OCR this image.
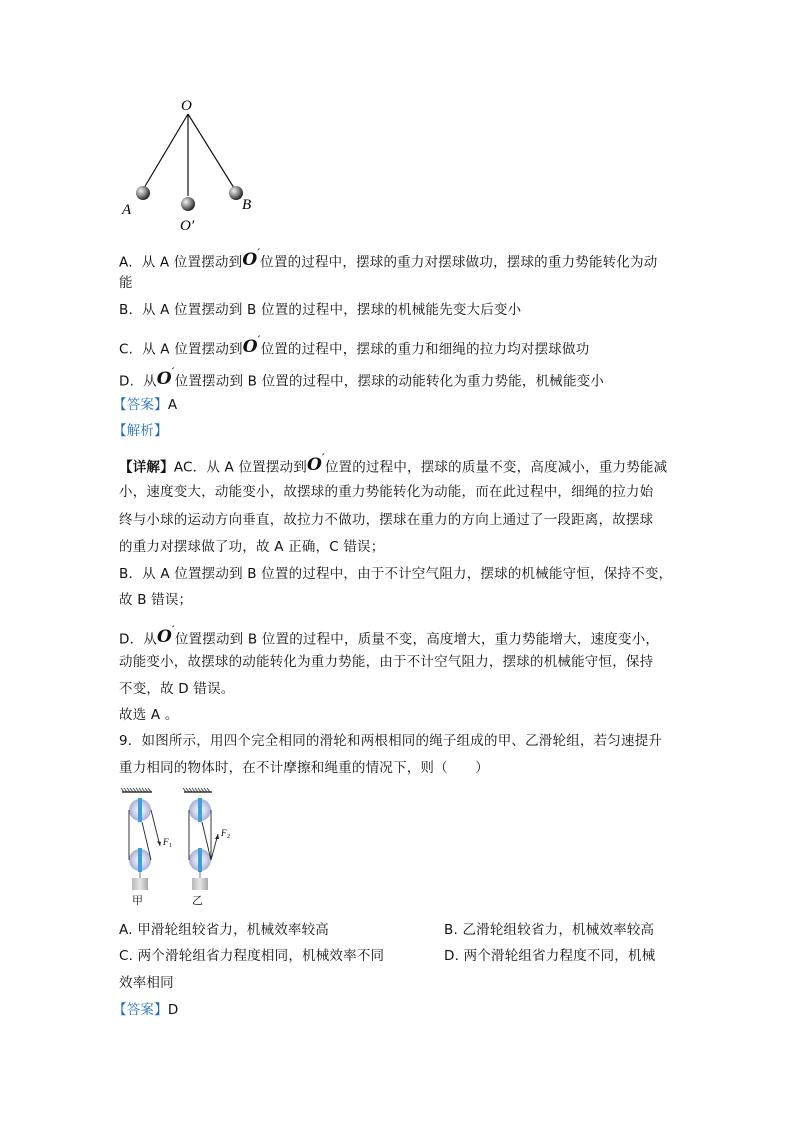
O
A
O′
B
A. 从 A 位置摆动到O′位置的过程中，摆球的重力对摆球做功，摆球的重力势能转化为动
能
B. 从 A 位置摆动到 B 位置的过程中，摆球的机械能先变大后变小
C. 从 A 位置摆动到O′位置的过程中，摆球的重力和细绳的拉力均对摆球做功
D. 从O′位置摆动到 B 位置的过程中，摆球的动能转化为重力势能，机械能变小
【答案】A
【解析】
【详解】AC．从 A 位置摆动到O′位置的过程中，摆球的质量不变，高度减小，重力势能减
小，速度变大，动能变小，故摆球的重力势能转化为动能，而在此过程中，细绳的拉力始
终与小球的运动方向垂直，故拉力不做功，摆球在重力的方向上通过了一段距离，故摆球
的重力对摆球做了功，故 A 正确，C 错误；
B．从 A 位置摆动到 B 位置的过程中，由于不计空气阻力，摆球的机械能守恒，保持不变，
故 B 错误；
D．从O′位置摆动到 B 位置的过程中，质量不变，高度增大，重力势能增大，速度变小，
动能变小，故摆球的动能转化为重力势能，由于不计空气阻力，摆球的机械能守恒，保持
不变，故 D 错误。
故选 A 。
9．如图所示，用四个完全相同的滑轮和两根相同的绳子组成的甲、乙滑轮组，若匀速提升
重力相同的物体时，在不计摩擦和绳重的情况下，则（　　）
F 1
F 2
甲	乙
A. 甲滑轮组较省力，机械效率较高	B. 乙滑轮组较省力，机械效率较高
C. 两个滑轮组省力程度相同，机械效率不同	D. 两个滑轮组省力程度不同，机械
效率相同
【答案】D
